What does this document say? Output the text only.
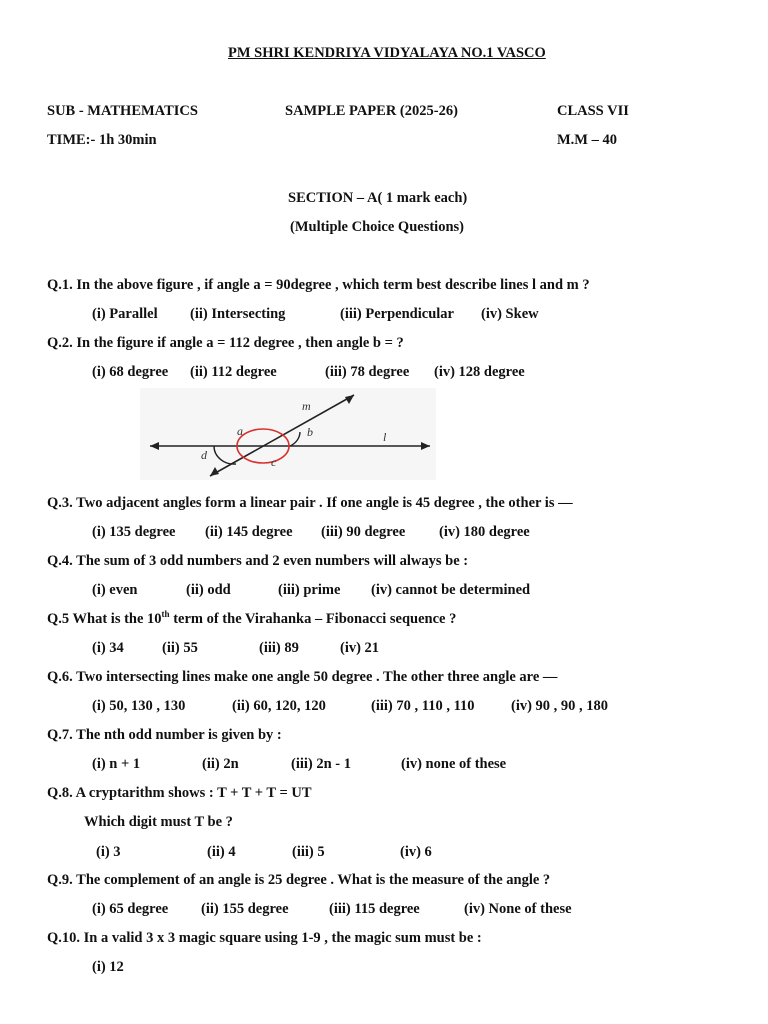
PM SHRI KENDRIYA VIDYALAYA NO.1 VASCO
SUB - MATHEMATICS	SAMPLE PAPER (2025-26)	CLASS VII
TIME:- 1h 30min	M.M – 40
SECTION – A( 1 mark each)
(Multiple Choice Questions)
Q.1. In the above figure , if angle a = 90degree , which term best describe lines l and m ?
(i) Parallel (ii) Intersecting	(iii) Perpendicular (iv) Skew
Q.2. In the figure if angle a = 112 degree , then angle b = ?
(i) 68 degree (ii) 112 degree	(iii) 78 degree (iv) 128 degree
m
a	b	l
d	c
Q.3. Two adjacent angles form a linear pair . If one angle is 45 degree , the other is —
(i) 135 degree (ii) 145 degree (iii) 90 degree (iv) 180 degree
Q.4. The sum of 3 odd numbers and 2 even numbers will always be :
(i) even	(ii) odd	(iii) prime (iv) cannot be determined
Q.5 What is the 10th term of the Virahanka – Fibonacci sequence ?
(i) 34	(ii) 55	(iii) 89	(iv) 21
Q.6. Two intersecting lines make one angle 50 degree . The other three angle are —
(i) 50, 130 , 130	(ii) 60, 120, 120	(iii) 70 , 110 , 110	(iv) 90 , 90 , 180
Q.7. The nth odd number is given by :
(i) n + 1	(ii) 2n	(iii) 2n - 1	(iv) none of these
Q.8. A cryptarithm shows : T + T + T = UT
Which digit must T be ?
(i) 3	(ii) 4	(iii) 5	(iv) 6
Q.9. The complement of an angle is 25 degree . What is the measure of the angle ?
(i) 65 degree (ii) 155 degree	(iii) 115 degree	(iv) None of these
Q.10. In a valid 3 x 3 magic square using 1-9 , the magic sum must be :
(i) 12
